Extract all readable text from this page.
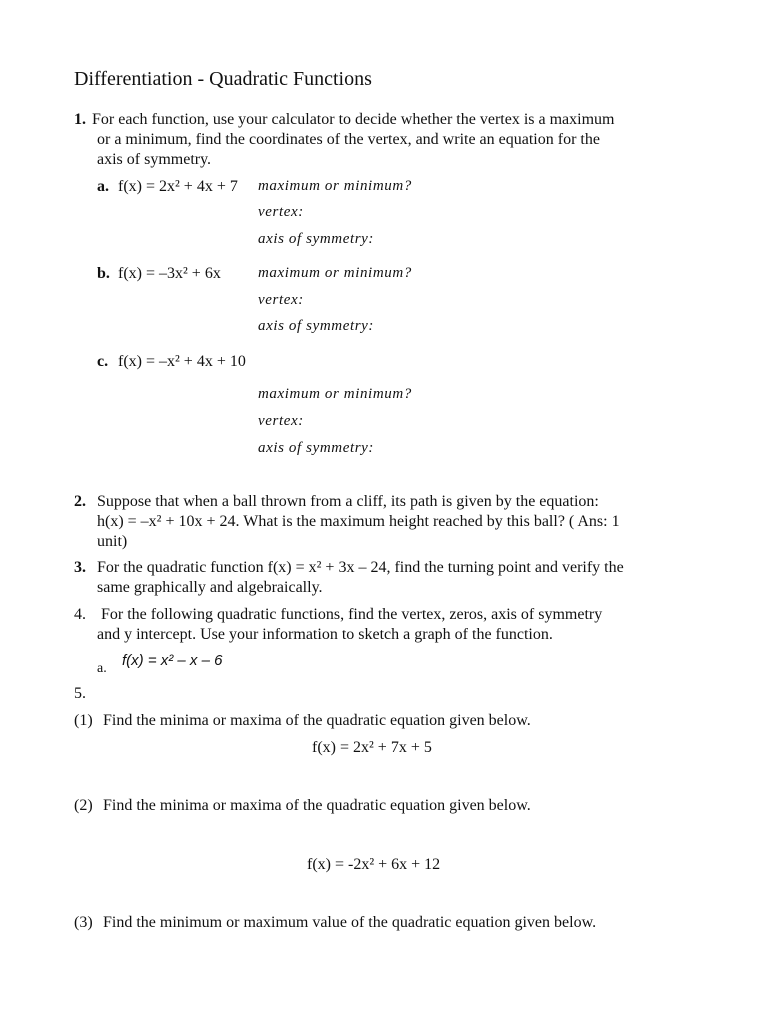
Differentiation - Quadratic Functions
1. For each function, use your calculator to decide whether the vertex is a maximum
or a minimum, find the coordinates of the vertex, and write an equation for the
axis of symmetry.
a. f(x) = 2x² + 4x + 7 maximum or minimum?
vertex:
axis of symmetry:
b. f(x) = –3x² + 6x maximum or minimum?
vertex:
axis of symmetry:
c. f(x) = –x² + 4x + 10
maximum or minimum?
vertex:
axis of symmetry:
2. Suppose that when a ball thrown from a cliff, its path is given by the equation:
h(x) = –x² + 10x + 24. What is the maximum height reached by this ball? ( Ans: 1
unit)
3. For the quadratic function f(x) = x² + 3x – 24, find the turning point and verify the
same graphically and algebraically.
4. For the following quadratic functions, find the vertex, zeros, axis of symmetry
and y intercept. Use your information to sketch a graph of the function.
a. f(x) = x² – x – 6
5.
(1) Find the minima or maxima of the quadratic equation given below.
f(x) = 2x² + 7x + 5
(2) Find the minima or maxima of the quadratic equation given below.
f(x) = -2x² + 6x + 12
(3) Find the minimum or maximum value of the quadratic equation given below.
